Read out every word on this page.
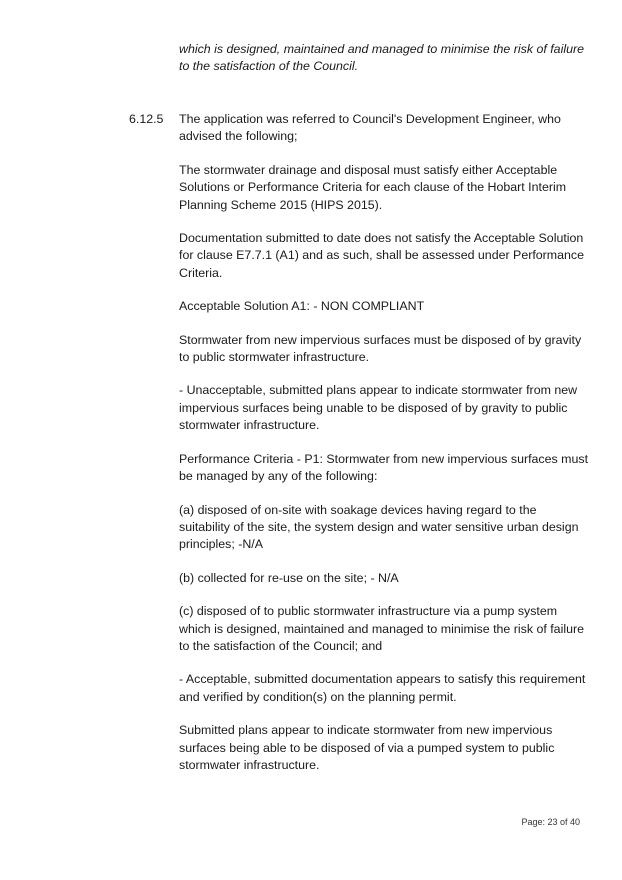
which is designed, maintained and managed to minimise the risk of failure to the satisfaction of the Council.

6.12.5 The application was referred to Council's Development Engineer, who advised the following;

The stormwater drainage and disposal must satisfy either Acceptable Solutions or Performance Criteria for each clause of the Hobart Interim Planning Scheme 2015 (HIPS 2015).

Documentation submitted to date does not satisfy the Acceptable Solution for clause E7.7.1 (A1) and as such, shall be assessed under Performance Criteria.

Acceptable Solution A1: - NON COMPLIANT

Stormwater from new impervious surfaces must be disposed of by gravity to public stormwater infrastructure.

- Unacceptable, submitted plans appear to indicate stormwater from new impervious surfaces being unable to be disposed of by gravity to public stormwater infrastructure.

Performance Criteria - P1: Stormwater from new impervious surfaces must be managed by any of the following:

(a) disposed of on-site with soakage devices having regard to the suitability of the site, the system design and water sensitive urban design principles; -N/A

(b) collected for re-use on the site; - N/A

(c) disposed of to public stormwater infrastructure via a pump system which is designed, maintained and managed to minimise the risk of failure to the satisfaction of the Council; and

- Acceptable, submitted documentation appears to satisfy this requirement and verified by condition(s) on the planning permit.

Submitted plans appear to indicate stormwater from new impervious surfaces being able to be disposed of via a pumped system to public stormwater infrastructure.

Page: 23 of 40
